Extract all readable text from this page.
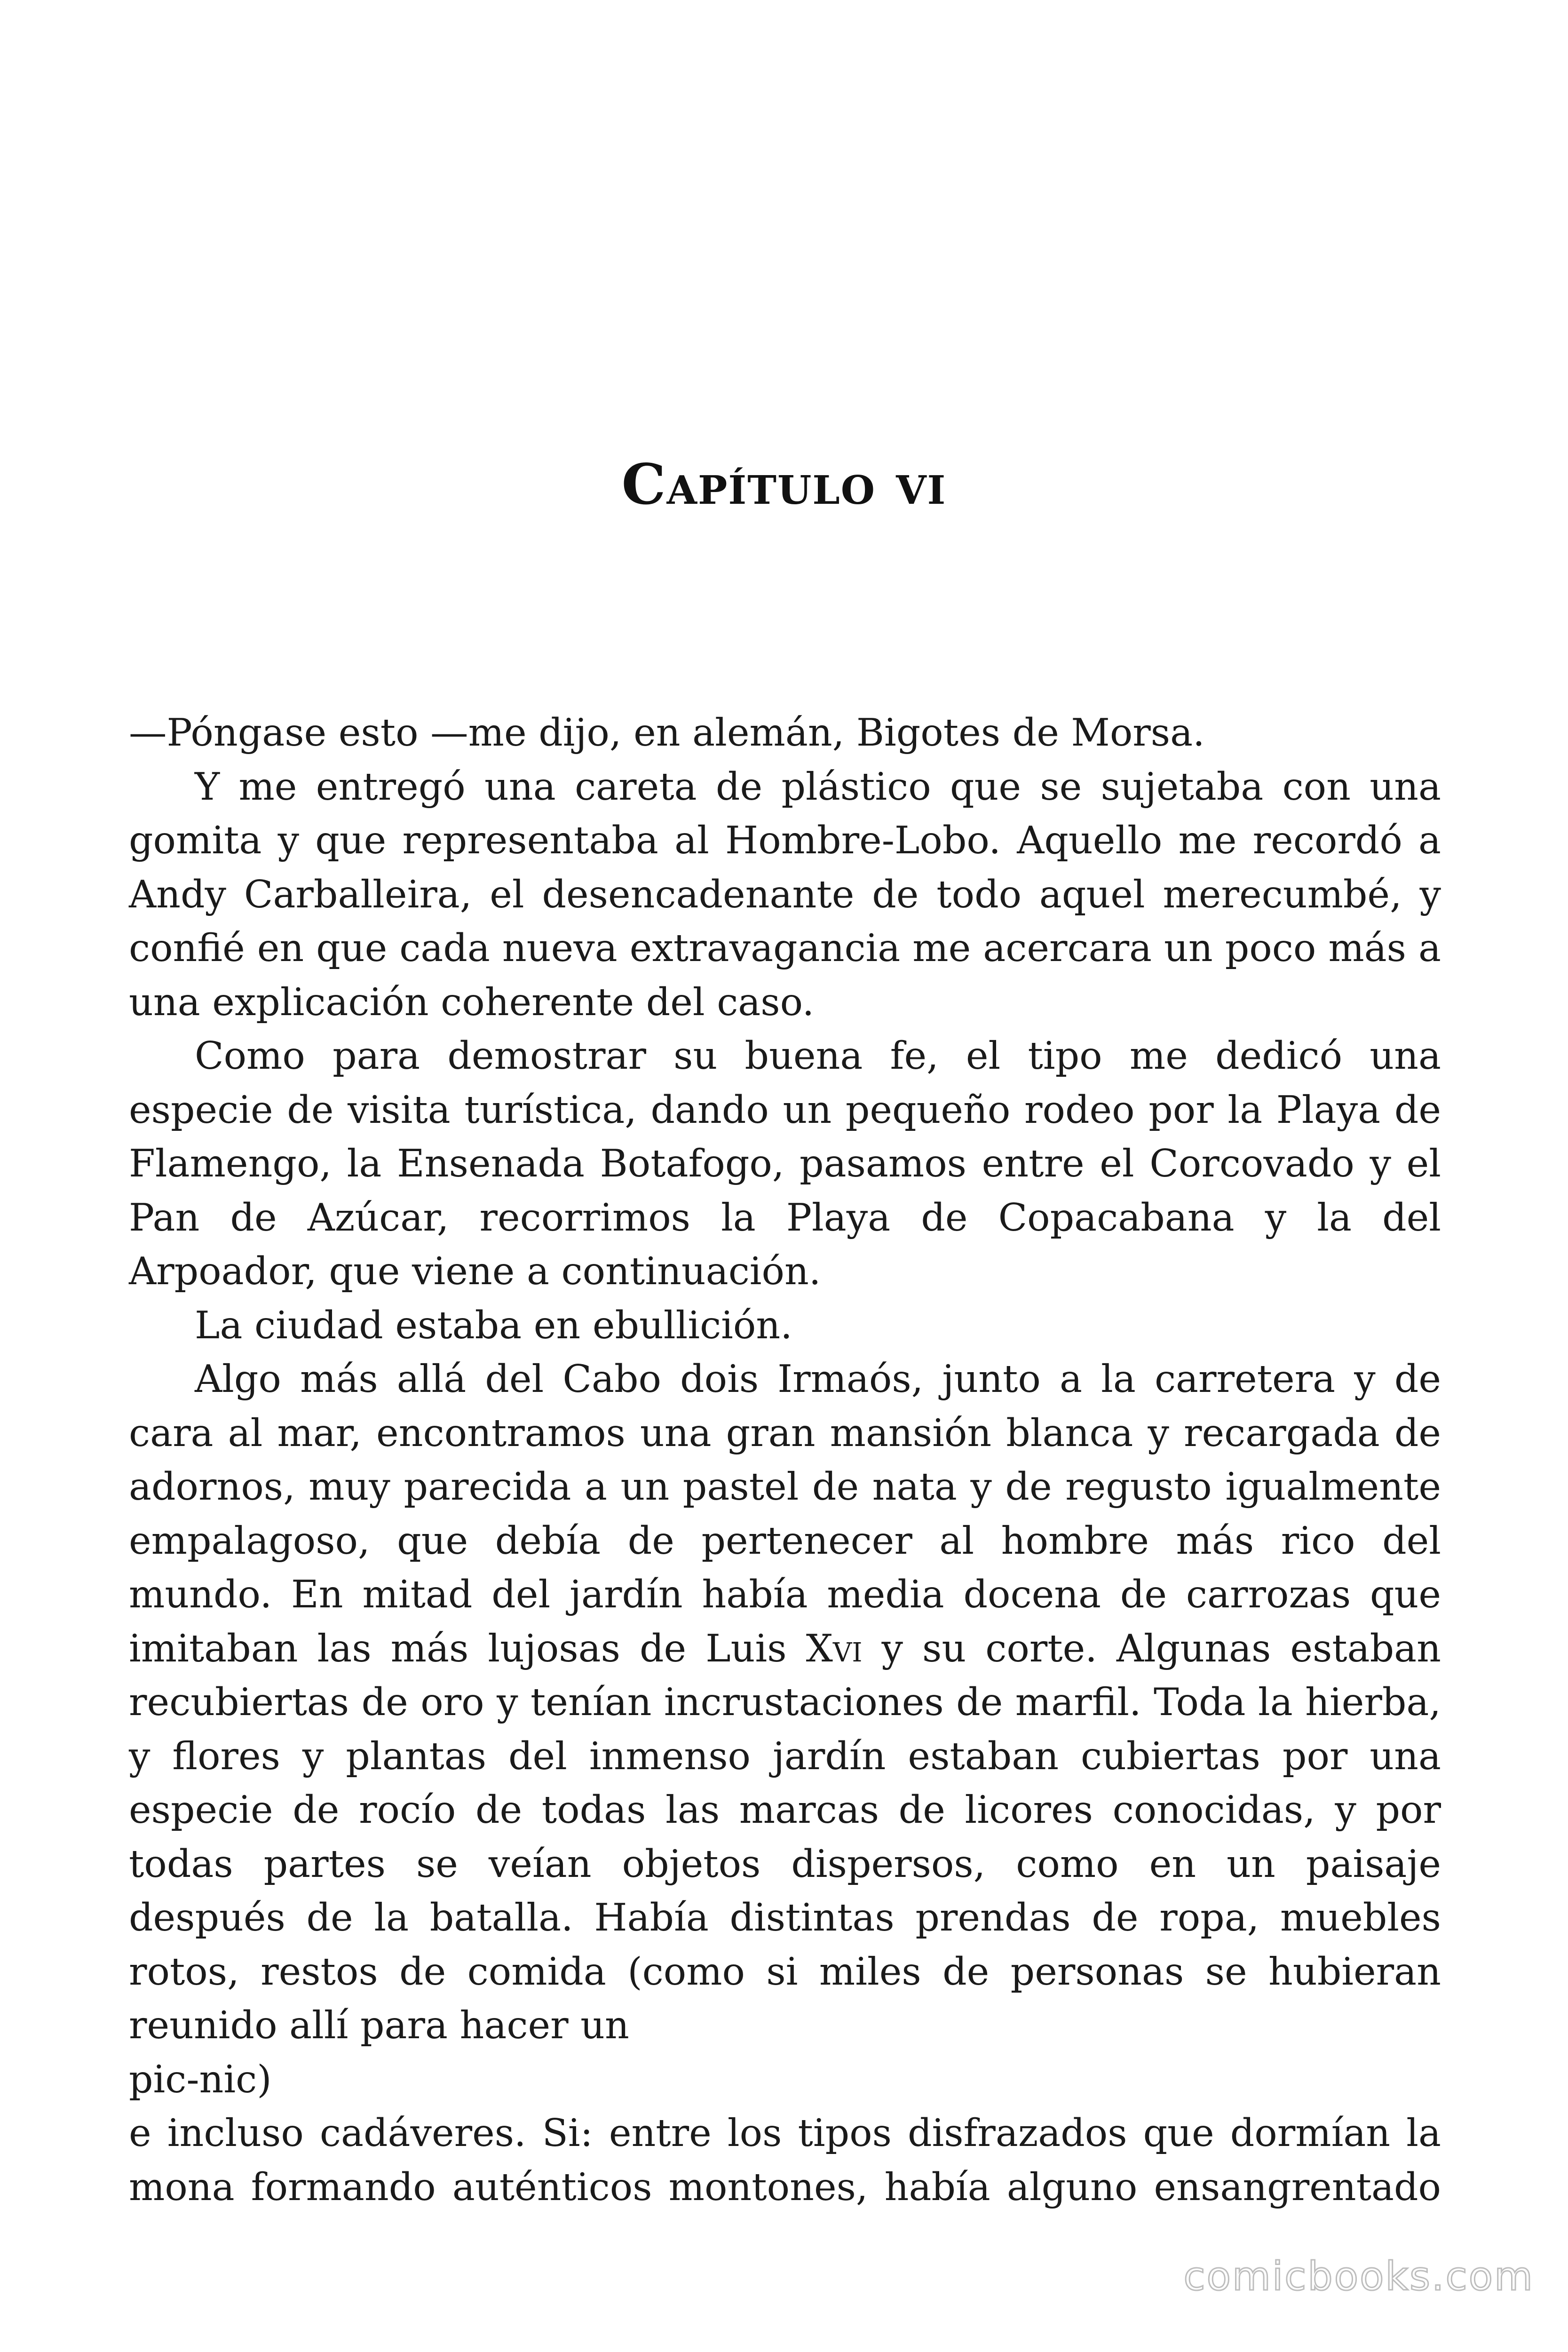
Capítulo vi

—Póngase esto —me dijo, en alemán, Bigotes de Morsa.

Y me entregó una careta de plástico que se sujetaba con una gomita y que representaba al Hombre-Lobo. Aquello me recordó a Andy Carballeira, el desencadenante de todo aquel merecumbé, y confié en que cada nueva extravagancia me acercara un poco más a una explicación coherente del caso.

Como para demostrar su buena fe, el tipo me dedicó una especie de visita turística, dando un pequeño rodeo por la Playa de Flamengo, la Ensenada Botafogo, pasamos entre el Corcovado y el Pan de Azúcar, recorrimos la Playa de Copacabana y la del Arpoador, que viene a continuación.

La ciudad estaba en ebullición.

Algo más allá del Cabo dois Irmaós, junto a la carretera y de cara al mar, encontramos una gran mansión blanca y recargada de adornos, muy parecida a un pastel de nata y de regusto igualmente empalagoso, que debía de pertenecer al hombre más rico del mundo. En mitad del jardín había media docena de carrozas que imitaban las más lujosas de Luis Xvi y su corte. Algunas estaban recubiertas de oro y tenían incrustaciones de marfil. Toda la hierba, y flores y plantas del inmenso jardín estaban cubiertas por una especie de rocío de todas las marcas de licores conocidas, y por todas partes se veían objetos dispersos, como en un paisaje después de la batalla. Había distintas prendas de ropa, muebles rotos, restos de comida (como si miles de personas se hubieran reunido allí para hacer un

pic-nic)

e incluso cadáveres. Si: entre los tipos disfrazados que dormían la mona formando auténticos montones, había alguno ensangrentado

comicbooks.com
